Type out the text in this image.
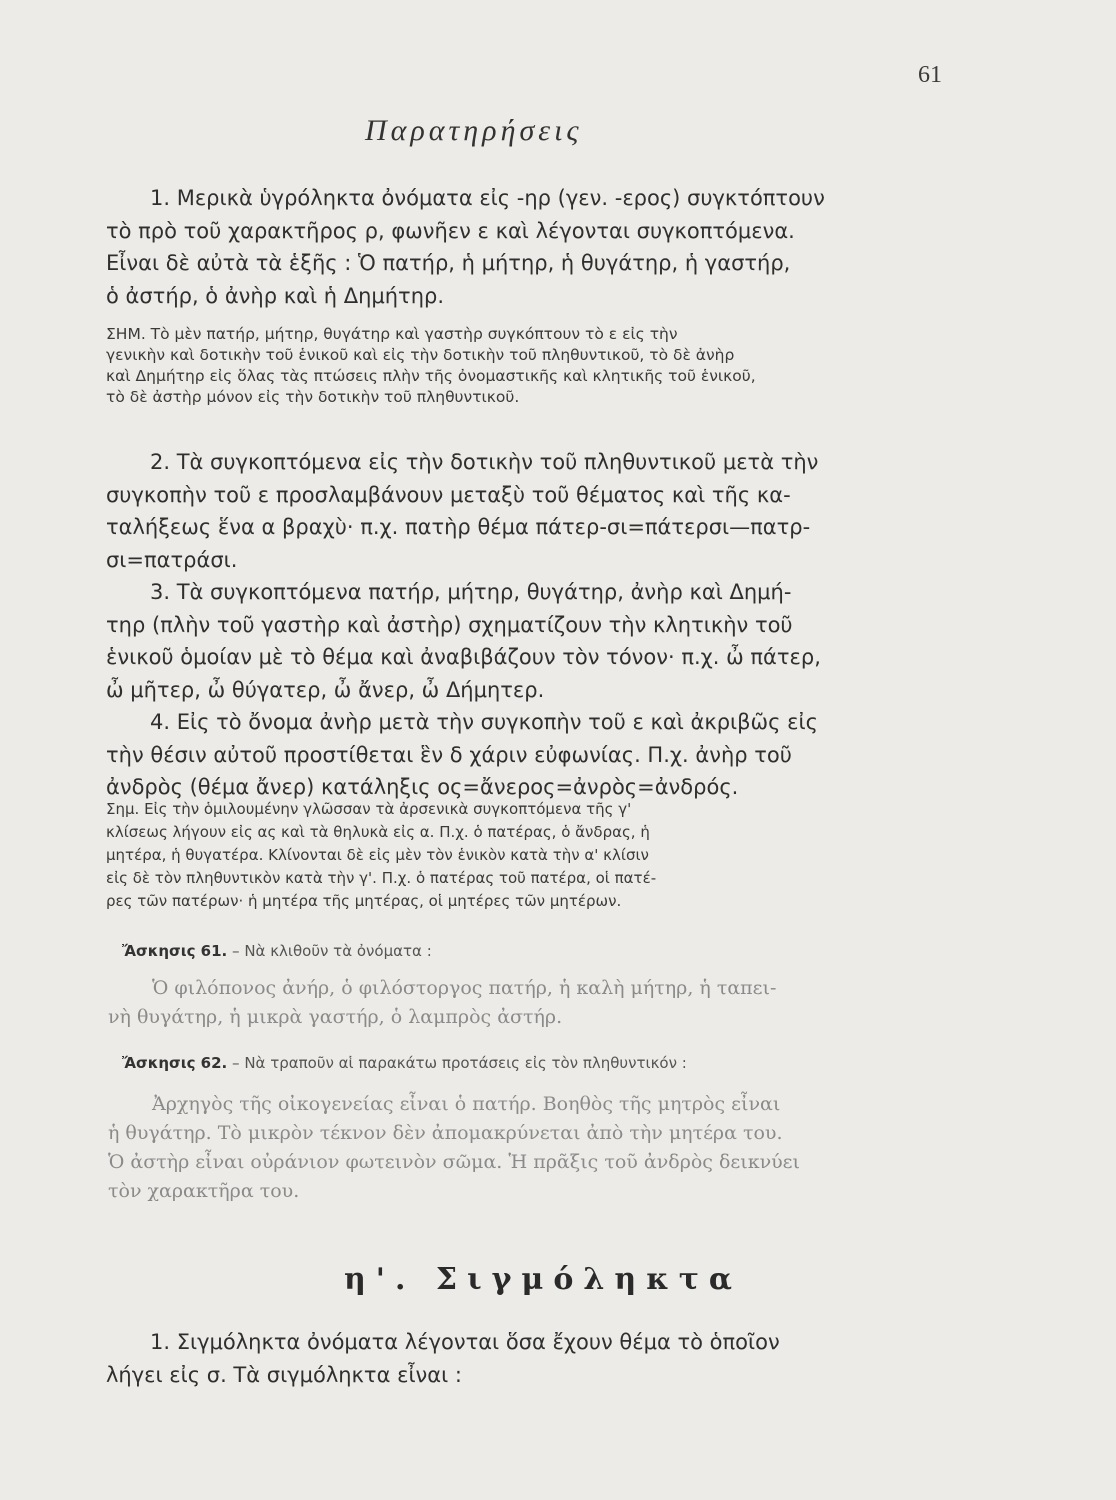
61
Παρατηρήσεις
1. Μερικὰ ὑγρόληκτα ὀνόματα εἰς -ηρ (γεν. -ερος) συγκτόπτουν
τὸ πρὸ τοῦ χαρακτῆρος ρ, φωνῆεν ε καὶ λέγονται συγκοπτόμενα.
Εἶναι δὲ αὐτὰ τὰ ἑξῆς : Ὁ πατήρ, ἡ μήτηρ, ἡ θυγάτηρ, ἡ γαστήρ,
ὁ ἀστήρ, ὁ ἀνὴρ καὶ ἡ Δημήτηρ.
ΣΗΜ. Τὸ μὲν πατήρ, μήτηρ, θυγάτηρ καὶ γαστὴρ συγκόπτουν τὸ ε εἰς τὴν
γενικὴν καὶ δοτικὴν τοῦ ἑνικοῦ καὶ εἰς τὴν δοτικὴν τοῦ πληθυντικοῦ, τὸ δὲ ἀνὴρ
καὶ Δημήτηρ εἰς ὅλας τὰς πτώσεις πλὴν τῆς ὀνομαστικῆς καὶ κλητικῆς τοῦ ἑνικοῦ,
τὸ δὲ ἀστὴρ μόνον εἰς τὴν δοτικὴν τοῦ πληθυντικοῦ.
2. Τὰ συγκοπτόμενα εἰς τὴν δοτικὴν τοῦ πληθυντικοῦ μετὰ τὴν
συγκοπὴν τοῦ ε προσλαμβάνουν μεταξὺ τοῦ θέματος καὶ τῆς κα-
ταλήξεως ἕνα α βραχὺ· π.χ. πατὴρ θέμα πάτερ-σι=πάτερσι—πατρ-
σι=πατράσι.
3. Τὰ συγκοπτόμενα πατήρ, μήτηρ, θυγάτηρ, ἀνὴρ καὶ Δημή-
τηρ (πλὴν τοῦ γαστὴρ καὶ ἀστὴρ) σχηματίζουν τὴν κλητικὴν τοῦ
ἑνικοῦ ὁμοίαν μὲ τὸ θέμα καὶ ἀναβιβάζουν τὸν τόνον· π.χ. ὦ πάτερ,
ὦ μῆτερ, ὦ θύγατερ, ὦ ἄνερ, ὦ Δήμητερ.
4. Εἰς τὸ ὄνομα ἀνὴρ μετὰ τὴν συγκοπὴν τοῦ ε καὶ ἀκριβῶς εἰς
τὴν θέσιν αὐτοῦ προστίθεται ἓν δ χάριν εὐφωνίας. Π.χ. ἀνὴρ τοῦ
ἀνδρὸς (θέμα ἄνερ) κατάληξις ος=ἄνερος=ἀνρὸς=ἀνδρός.
Σημ. Εἰς τὴν ὁμιλουμένην γλῶσσαν τὰ ἀρσενικὰ συγκοπτόμενα τῆς γ'
κλίσεως λήγουν εἰς ας καὶ τὰ θηλυκὰ εἰς α. Π.χ. ὁ πατέρας, ὁ ἄνδρας, ἡ
μητέρα, ἡ θυγατέρα. Κλίνονται δὲ εἰς μὲν τὸν ἑνικὸν κατὰ τὴν α' κλίσιν
εἰς δὲ τὸν πληθυντικὸν κατὰ τὴν γ'. Π.χ. ὁ πατέρας τοῦ πατέρα, οἱ πατέ-
ρες τῶν πατέρων· ἡ μητέρα τῆς μητέρας, οἱ μητέρες τῶν μητέρων.
Ἄσκησις 61. – Νὰ κλιθοῦν τὰ ὀνόματα :
Ὁ φιλόπονος ἀνήρ, ὁ φιλόστοργος πατήρ, ἡ καλὴ μήτηρ, ἡ ταπει-
νὴ θυγάτηρ, ἡ μικρὰ γαστήρ, ὁ λαμπρὸς ἀστήρ.
Ἄσκησις 62. – Νὰ τραποῦν αἱ παρακάτω προτάσεις εἰς τὸν πληθυντικόν :
Ἀρχηγὸς τῆς οἰκογενείας εἶναι ὁ πατήρ. Βοηθὸς τῆς μητρὸς εἶναι
ἡ θυγάτηρ. Τὸ μικρὸν τέκνον δὲν ἀπομακρύνεται ἀπὸ τὴν μητέρα του.
Ὁ ἀστὴρ εἶναι οὐράνιον φωτεινὸν σῶμα. Ἡ πρᾶξις τοῦ ἀνδρὸς δεικνύει
τὸν χαρακτῆρα του.
η'. Σιγμόληκτα
1. Σιγμόληκτα ὀνόματα λέγονται ὅσα ἔχουν θέμα τὸ ὁποῖον
λήγει εἰς σ. Τὰ σιγμόληκτα εἶναι :
